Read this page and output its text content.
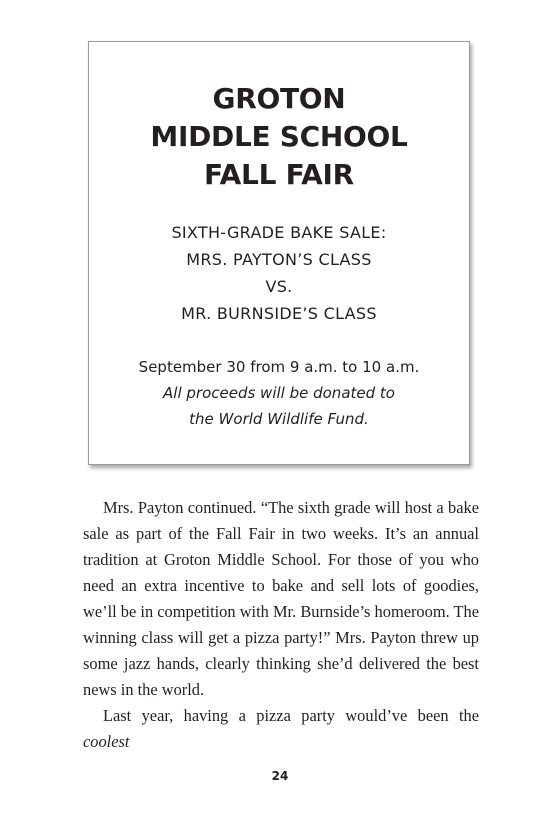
GROTON
MIDDLE SCHOOL
FALL FAIR
SIXTH-GRADE BAKE SALE:
MRS. PAYTON’S CLASS
VS.
MR. BURNSIDE’S CLASS
September 30 from 9 a.m. to 10 a.m.
All proceeds will be donated to
the World Wildlife Fund.

Mrs. Payton continued. “The sixth grade will host a bake sale as part of the Fall Fair in two weeks. It’s an annual tradition at Groton Middle School. For those of you who need an extra incentive to bake and sell lots of goodies, we’ll be in competition with Mr. Burnside’s homeroom. The winning class will get a pizza party!” Mrs. Payton threw up some jazz hands, clearly thinking she’d delivered the best news in the world.

Last year, having a pizza party would’ve been the coolest

24
